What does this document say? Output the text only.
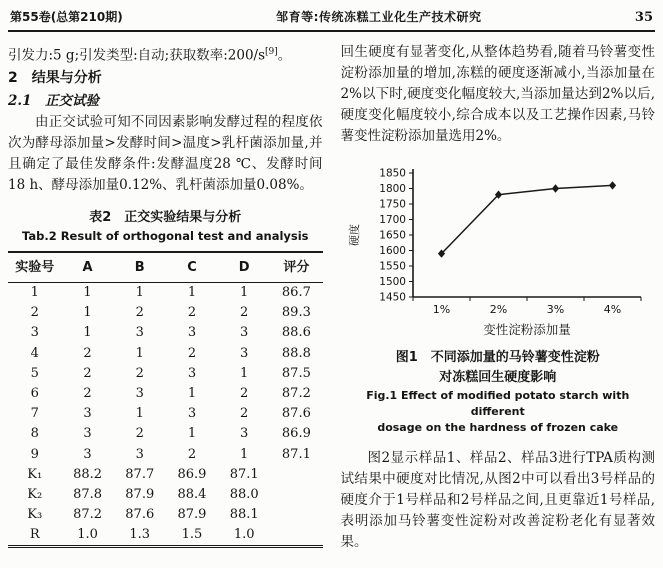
第55卷(总第210期)	邹育等:传统冻糕工业化生产技术研究	35
引发力:5 g;引发类型:自动;获取数率:200/s[9]。
2　结果与分析
2.1　正交试验
由正交试验可知不同因素影响发酵过程的程度依次为酵母添加量>发酵时间>温度>乳杆菌添加量,并且确定了最佳发酵条件:发酵温度28 ℃、发酵时间18 h、酵母添加量0.12%、乳杆菌添加量0.08%。
表2　正交实验结果与分析
Tab.2 Result of orthogonal test and analysis
实验号	A	B	C	D	评分
1	1	1	1	1	86.7
2	1	2	2	2	89.3
3	1	3	3	3	88.6
4	2	1	2	3	88.8
5	2	2	3	1	87.5
6	2	3	1	2	87.2
7	3	1	3	2	87.6
8	3	2	1	3	86.9
9	3	3	2	1	87.1
K₁	88.2	87.7	86.9	87.1	
K₂	87.8	87.9	88.4	88.0	
K₃	87.2	87.6	87.9	88.1	
R	1.0	1.3	1.5	1.0	
回生硬度有显著变化,从整体趋势看,随着马铃薯变性淀粉添加量的增加,冻糕的硬度逐渐减小,当添加量在2%以下时,硬度变化幅度较大,当添加量达到2%以后,硬度变化幅度较小,综合成本以及工艺操作因素,马铃薯变性淀粉添加量选用2%。
1450
1500
1550
1600
1650
1700
1750
1800
1850
1%	2%	3%	4%
硬度
变性淀粉添加量
图1　不同添加量的马铃薯变性淀粉
对冻糕回生硬度影响
Fig.1 Effect of modified potato starch with different
dosage on the hardness of frozen cake
图2显示样品1、样品2、样品3进行TPA质构测试结果中硬度对比情况,从图2中可以看出3号样品的硬度介于1号样品和2号样品之间,且更靠近1号样品,表明添加马铃薯变性淀粉对改善淀粉老化有显著效果。
